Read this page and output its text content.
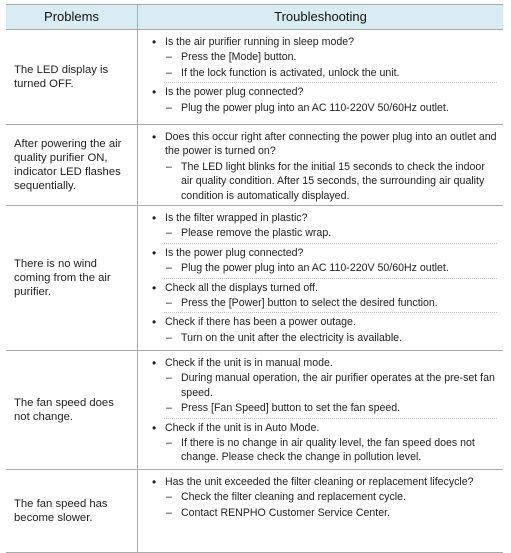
Problems	Troubleshooting
The LED display is turned OFF.
• Is the air purifier running in sleep mode?
– Press the [Mode] button.
– If the lock function is activated, unlock the unit.
• Is the power plug connected?
– Plug the power plug into an AC 110-220V 50/60Hz outlet.
After powering the air quality purifier ON, indicator LED flashes sequentially.
• Does this occur right after connecting the power plug into an outlet and the power is turned on?
– The LED light blinks for the initial 15 seconds to check the indoor air quality condition. After 15 seconds, the surrounding air quality condition is automatically displayed.
There is no wind coming from the air purifier.
• Is the filter wrapped in plastic?
– Please remove the plastic wrap.
• Is the power plug connected?
– Plug the power plug into an AC 110-220V 50/60Hz outlet.
• Check all the displays turned off.
– Press the [Power] button to select the desired function.
• Check if there has been a power outage.
– Turn on the unit after the electricity is available.
The fan speed does not change.
• Check if the unit is in manual mode.
– During manual operation, the air purifier operates at the pre-set fan speed.
– Press [Fan Speed] button to set the fan speed.
• Check if the unit is in Auto Mode.
– If there is no change in air quality level, the fan speed does not change. Please check the change in pollution level.
The fan speed has become slower.
• Has the unit exceeded the filter cleaning or replacement lifecycle?
– Check the filter cleaning and replacement cycle.
– Contact RENPHO Customer Service Center.
